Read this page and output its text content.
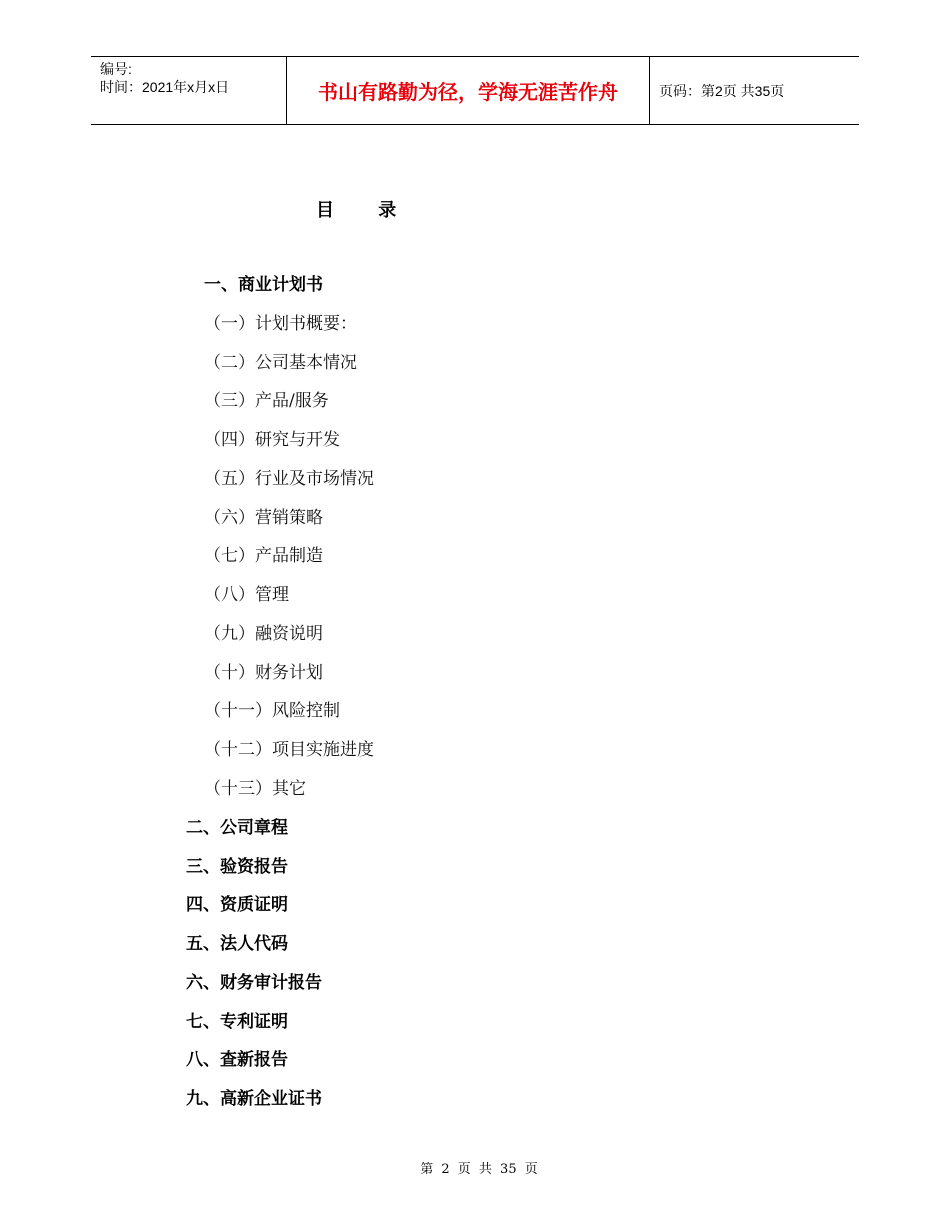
编号:
时间：2021年x月x日	书山有路勤为径，学海无涯苦作舟	页码：第2页 共35页
目 录
一、商业计划书
（一）计划书概要：
（二）公司基本情况
（三）产品/服务
（四）研究与开发
（五）行业及市场情况
（六）营销策略
（七）产品制造
（八）管理
（九）融资说明
（十）财务计划
（十一）风险控制
（十二）项目实施进度
（十三）其它
二、公司章程
三、验资报告
四、资质证明
五、法人代码
六、财务审计报告
七、专利证明
八、查新报告
九、高新企业证书
第 2 页 共 35 页
